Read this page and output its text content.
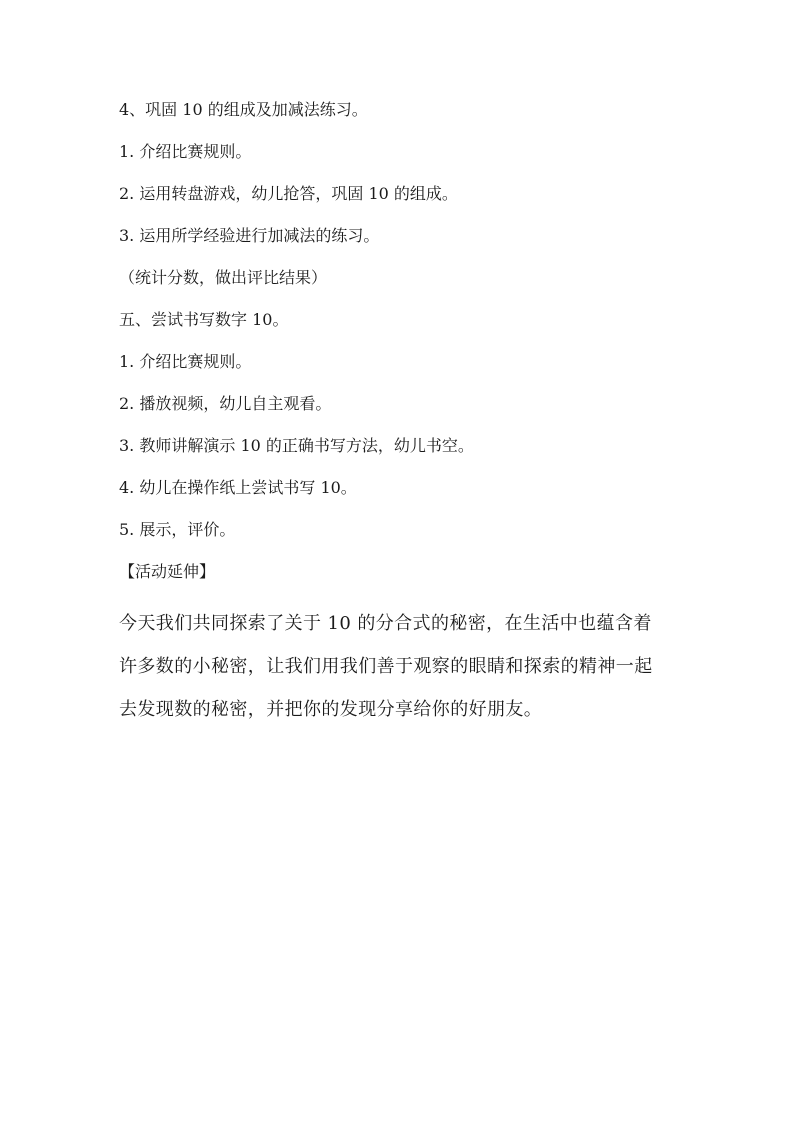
4、巩固 10 的组成及加减法练习。
1. 介绍比赛规则。
2. 运用转盘游戏，幼儿抢答，巩固 10 的组成。
3. 运用所学经验进行加减法的练习。
（统计分数，做出评比结果）
五、尝试书写数字 10。
1. 介绍比赛规则。
2. 播放视频，幼儿自主观看。
3. 教师讲解演示 10 的正确书写方法，幼儿书空。
4. 幼儿在操作纸上尝试书写 10。
5. 展示，评价。
【活动延伸】
今天我们共同探索了关于 10 的分合式的秘密，在生活中也蕴含着许多数的小秘密，让我们用我们善于观察的眼睛和探索的精神一起去发现数的秘密，并把你的发现分享给你的好朋友。
